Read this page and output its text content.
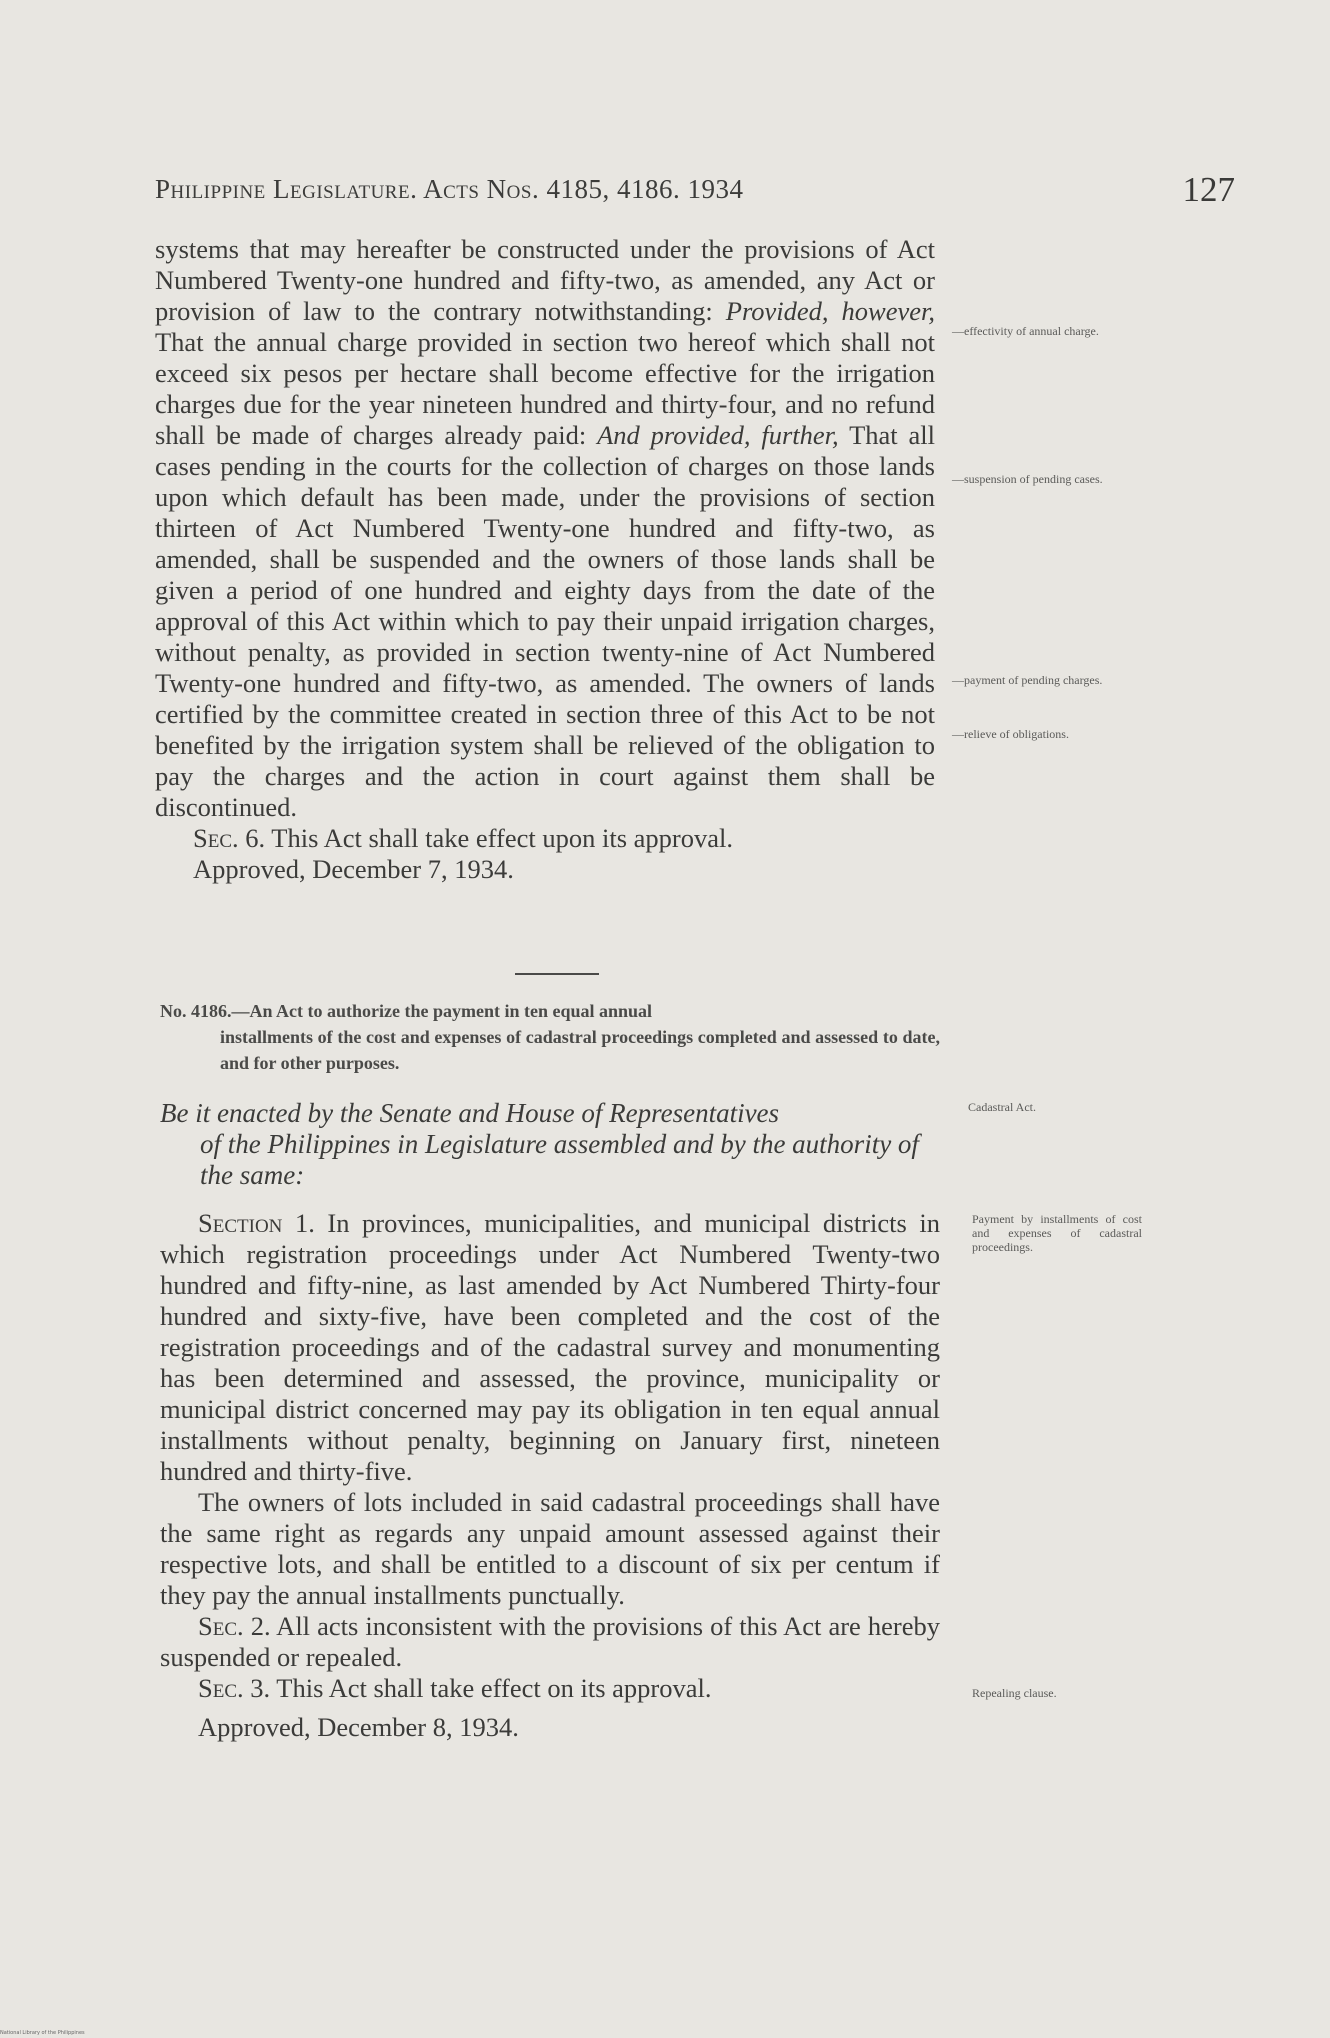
Philippine Legislature. Acts Nos. 4185, 4186. 1934	127

systems that may hereafter be constructed under the provisions of Act Numbered Twenty-one hundred and fifty-two, as amended, any Act or provision of law to the contrary notwithstanding: Provided, however, That the annual charge provided in section two hereof which shall not exceed six pesos per hectare shall become effective for the irrigation charges due for the year nineteen hundred and thirty-four, and no refund shall be made of charges already paid: And provided, further, That all cases pending in the courts for the collection of charges on those lands upon which default has been made, under the provisions of section thirteen of Act Numbered Twenty-one hundred and fifty-two, as amended, shall be suspended and the owners of those lands shall be given a period of one hundred and eighty days from the date of the approval of this Act within which to pay their unpaid irrigation charges, without penalty, as provided in section twenty-nine of Act Numbered Twenty-one hundred and fifty-two, as amended. The owners of lands certified by the committee created in section three of this Act to be not benefited by the irrigation system shall be relieved of the obligation to pay the charges and the action in court against them shall be discontinued.

Sec. 6. This Act shall take effect upon its approval.

Approved, December 7, 1934.

—effectivity of annual charge.
—suspension of pending cases.
—payment of pending charges.
—relieve of obligations.
No. 4186.—An Act to authorize the payment in ten equal annual
installments of the cost and expenses of cadastral proceedings completed and assessed to date, and for other purposes.
Be it enacted by the Senate and House of Representatives
of the Philippines in Legislature assembled and by the authority of the same:
Cadastral Act.

Section 1. In provinces, municipalities, and municipal districts in which registration proceedings under Act Numbered Twenty-two hundred and fifty-nine, as last amended by Act Numbered Thirty-four hundred and sixty-five, have been completed and the cost of the registration proceedings and of the cadastral survey and monumenting has been determined and assessed, the province, municipality or municipal district concerned may pay its obligation in ten equal annual installments without penalty, beginning on January first, nineteen hundred and thirty-five.

The owners of lots included in said cadastral proceedings shall have the same right as regards any unpaid amount assessed against their respective lots, and shall be entitled to a discount of six per centum if they pay the annual installments punctually.

Sec. 2. All acts inconsistent with the provisions of this Act are hereby suspended or repealed.

Sec. 3. This Act shall take effect on its approval.

Approved, December 8, 1934.

Payment by installments of cost and expenses of cadastral proceedings.
Repealing clause.
National Library of the Philippines
